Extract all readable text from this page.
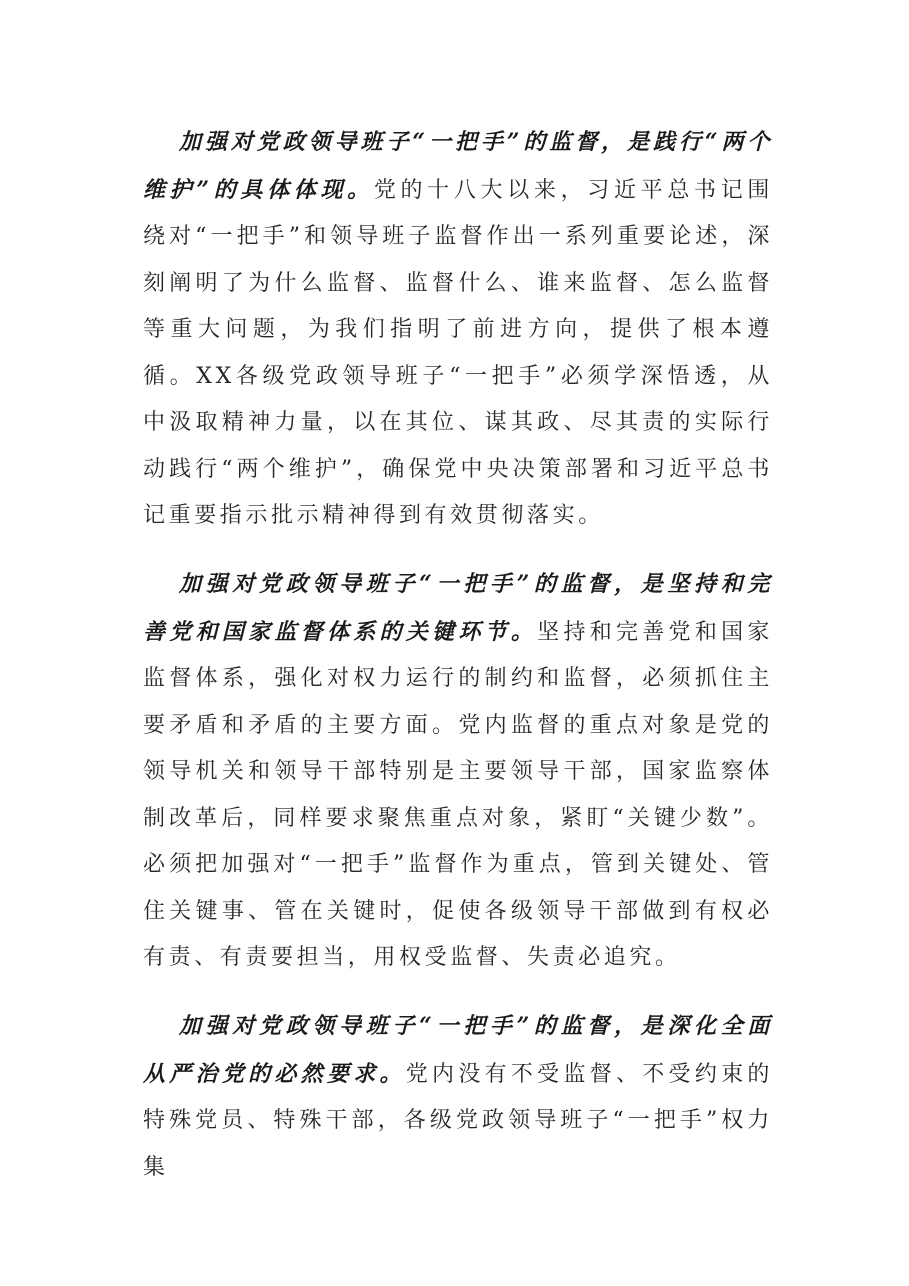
加强对党政领导班子“一把手”的监督，是践行“两个维护”的具体体现。党的十八大以来，习近平总书记围绕对“一把手”和领导班子监督作出一系列重要论述，深刻阐明了为什么监督、监督什么、谁来监督、怎么监督等重大问题，为我们指明了前进方向，提供了根本遵循。XX各级党政领导班子“一把手”必须学深悟透，从中汲取精神力量，以在其位、谋其政、尽其责的实际行动践行“两个维护”，确保党中央决策部署和习近平总书记重要指示批示精神得到有效贯彻落实。

加强对党政领导班子“一把手”的监督，是坚持和完善党和国家监督体系的关键环节。坚持和完善党和国家监督体系，强化对权力运行的制约和监督，必须抓住主要矛盾和矛盾的主要方面。党内监督的重点对象是党的领导机关和领导干部特别是主要领导干部，国家监察体制改革后，同样要求聚焦重点对象，紧盯“关键少数”。必须把加强对“一把手”监督作为重点，管到关键处、管住关键事、管在关键时，促使各级领导干部做到有权必有责、有责要担当，用权受监督、失责必追究。

加强对党政领导班子“一把手”的监督，是深化全面从严治党的必然要求。党内没有不受监督、不受约束的特殊党员、特殊干部，各级党政领导班子“一把手”权力集
